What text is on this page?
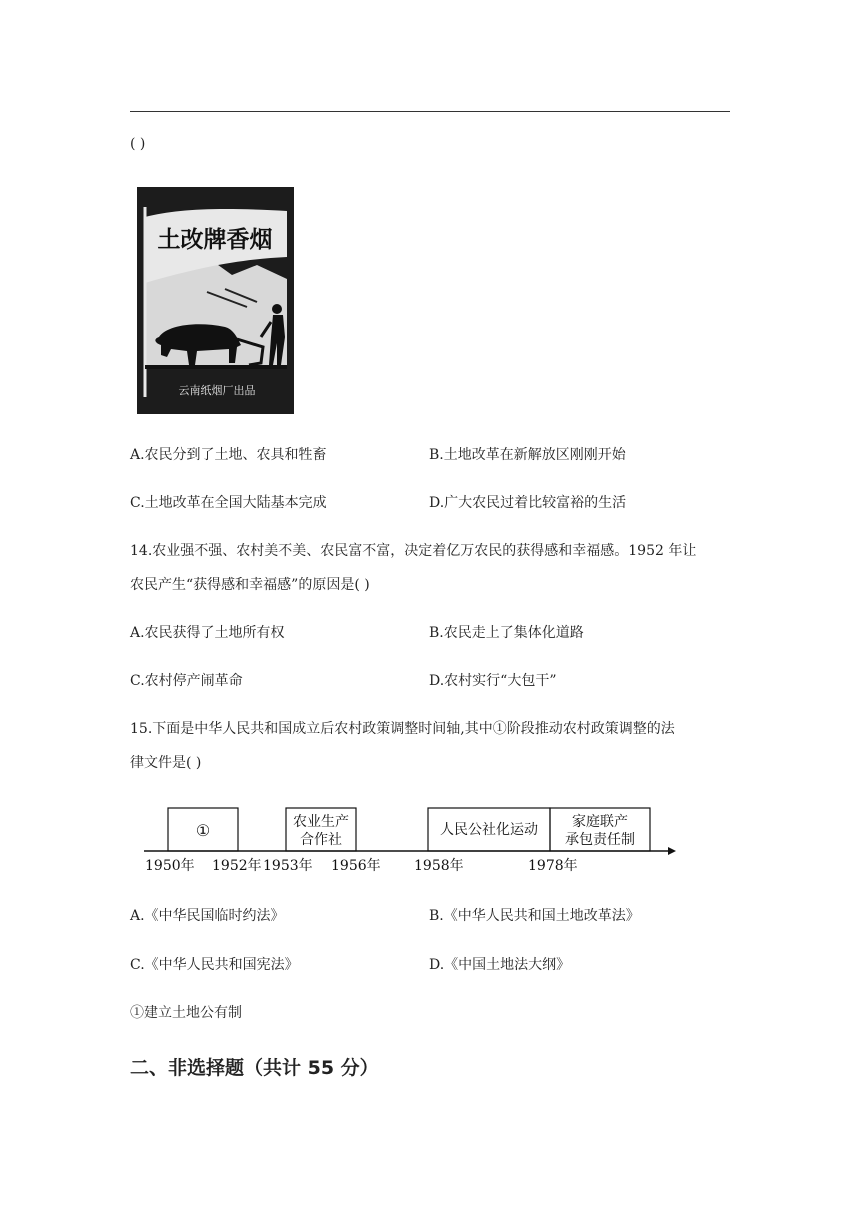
( )
土改牌香烟
云南纸烟厂出品
A.农民分到了土地、农具和牲畜	B.土地改革在新解放区刚刚开始
C.土地改革在全国大陆基本完成	D.广大农民过着比较富裕的生活
14.农业强不强、农村美不美、农民富不富，决定着亿万农民的获得感和幸福感。1952 年让
农民产生“获得感和幸福感”的原因是( )
A.农民获得了土地所有权	B.农民走上了集体化道路
C.农村停产闹革命	D.农村实行“大包干”
15.下面是中华人民共和国成立后农村政策调整时间轴,其中①阶段推动农村政策调整的法
律文件是( )
①	农业生产
合作社
人民公社化运动 家庭联产
承包责任制
1950年 1952年 1953年 1956年 1958年	1978年
A.《中华民国临时约法》	B.《中华人民共和国土地改革法》
C.《中华人民共和国宪法》	D.《中国土地法大纲》
①建立土地公有制
二、非选择题（共计 55 分）
